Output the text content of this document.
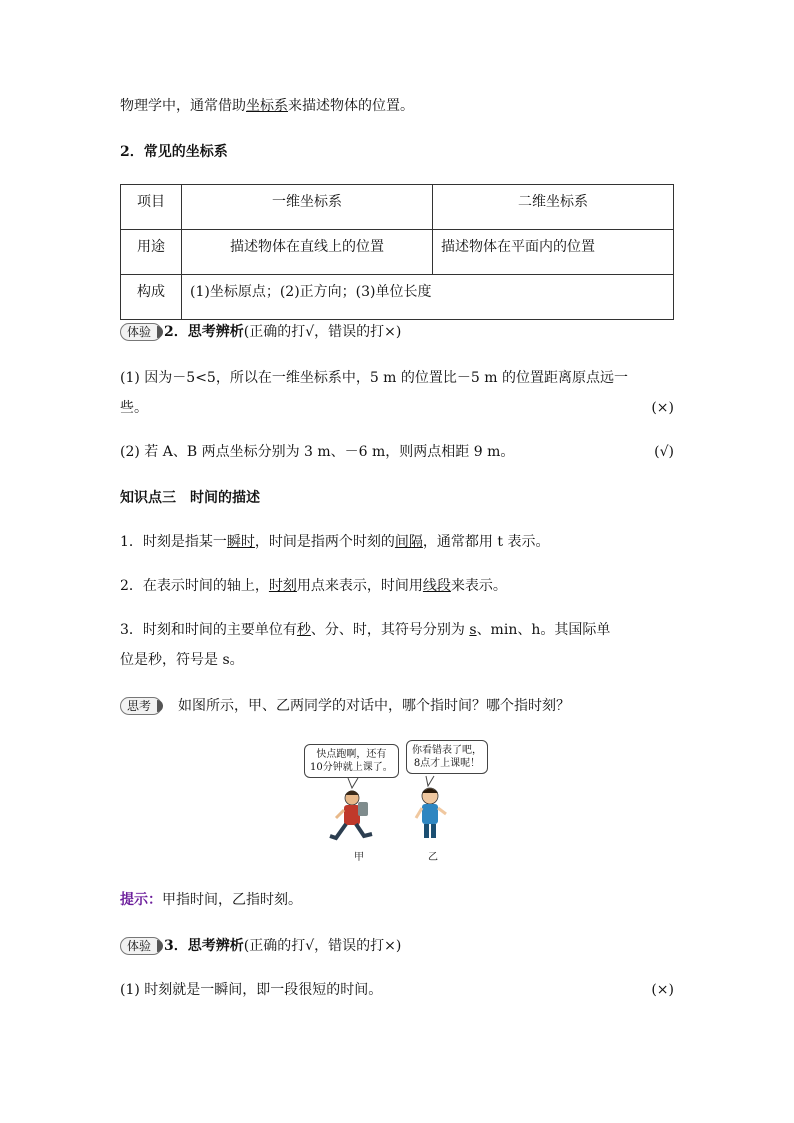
物理学中，通常借助坐标系来描述物体的位置。
2．常见的坐标系
项目	一维坐标系	二维坐标系
用途	描述物体在直线上的位置	描述物体在平面内的位置
构成	(1)坐标原点；(2)正方向；(3)单位长度	
体验 2．思考辨析(正确的打√，错误的打×)
(1) 因为－5<5，所以在一维坐标系中，5 m 的位置比－5 m 的位置距离原点远一
些。	(×)
(2) 若 A、B 两点坐标分别为 3 m、－6 m，则两点相距 9 m。	(√)
知识点三　时间的描述
1．时刻是指某一瞬时，时间是指两个时刻的间隔，通常都用 t 表示。
2．在表示时间的轴上，时刻用点来表示，时间用线段来表示。
3．时刻和时间的主要单位有秒、分、时，其符号分别为 s、min、h。其国际单
位是秒，符号是 s。
思考 如图所示，甲、乙两同学的对话中，哪个指时间？哪个指时刻？
快点跑啊，还有
10分钟就上课了。
你看错表了吧，
8点才上课呢！
甲	乙
提示：甲指时间，乙指时刻。
体验 3．思考辨析(正确的打√，错误的打×)
(1) 时刻就是一瞬间，即一段很短的时间。	(×)
